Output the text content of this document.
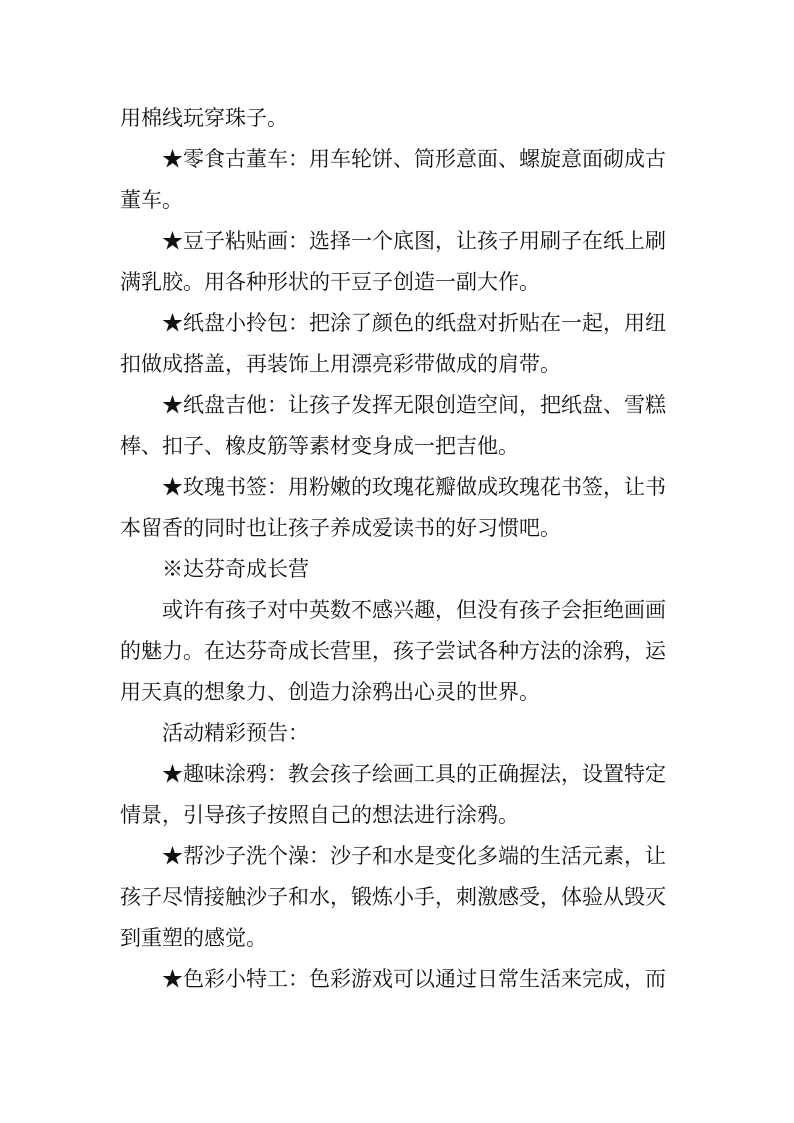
用棉线玩穿珠子。
★零食古董车：用车轮饼、筒形意面、螺旋意面砌成古
董车。
★豆子粘贴画：选择一个底图，让孩子用刷子在纸上刷
满乳胶。用各种形状的干豆子创造一副大作。
★纸盘小拎包：把涂了颜色的纸盘对折贴在一起，用纽
扣做成搭盖，再装饰上用漂亮彩带做成的肩带。
★纸盘吉他：让孩子发挥无限创造空间，把纸盘、雪糕
棒、扣子、橡皮筋等素材变身成一把吉他。
★玫瑰书签：用粉嫩的玫瑰花瓣做成玫瑰花书签，让书
本留香的同时也让孩子养成爱读书的好习惯吧。
※达芬奇成长营
或许有孩子对中英数不感兴趣，但没有孩子会拒绝画画
的魅力。在达芬奇成长营里，孩子尝试各种方法的涂鸦，运
用天真的想象力、创造力涂鸦出心灵的世界。
活动精彩预告：
★趣味涂鸦：教会孩子绘画工具的正确握法，设置特定
情景，引导孩子按照自己的想法进行涂鸦。
★帮沙子洗个澡：沙子和水是变化多端的生活元素，让
孩子尽情接触沙子和水，锻炼小手，刺激感受，体验从毁灭
到重塑的感觉。
★色彩小特工：色彩游戏可以通过日常生活来完成，而
